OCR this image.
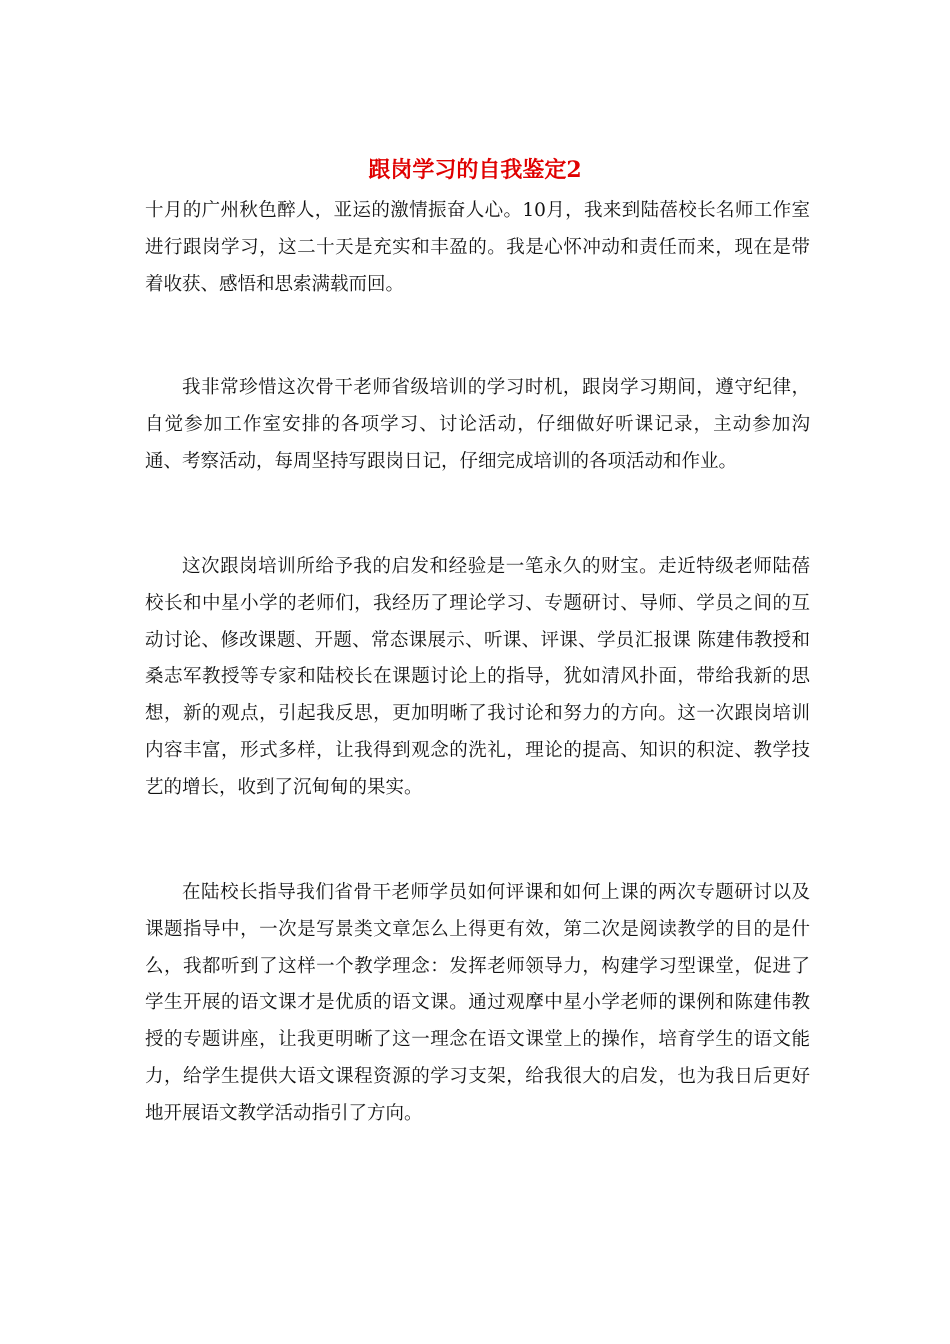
跟岗学习的自我鉴定2

十月的广州秋色醉人，亚运的激情振奋人心。10月，我来到陆蓓校长名师工作室进行跟岗学习，这二十天是充实和丰盈的。我是心怀冲动和责任而来，现在是带着收获、感悟和思索满载而回。

我非常珍惜这次骨干老师省级培训的学习时机，跟岗学习期间，遵守纪律，自觉参加工作室安排的各项学习、讨论活动，仔细做好听课记录，主动参加沟通、考察活动，每周坚持写跟岗日记，仔细完成培训的各项活动和作业。

这次跟岗培训所给予我的启发和经验是一笔永久的财宝。走近特级老师陆蓓校长和中星小学的老师们，我经历了理论学习、专题研讨、导师、学员之间的互动讨论、修改课题、开题、常态课展示、听课、评课、学员汇报课 陈建伟教授和桑志军教授等专家和陆校长在课题讨论上的指导，犹如清风扑面，带给我新的思想，新的观点，引起我反思，更加明晰了我讨论和努力的方向。这一次跟岗培训内容丰富，形式多样，让我得到观念的洗礼，理论的提高、知识的积淀、教学技艺的增长，收到了沉甸甸的果实。

在陆校长指导我们省骨干老师学员如何评课和如何上课的两次专题研讨以及课题指导中，一次是写景类文章怎么上得更有效，第二次是阅读教学的目的是什么，我都听到了这样一个教学理念：发挥老师领导力，构建学习型课堂，促进了学生开展的语文课才是优质的语文课。通过观摩中星小学老师的课例和陈建伟教授的专题讲座，让我更明晰了这一理念在语文课堂上的操作，培育学生的语文能力，给学生提供大语文课程资源的学习支架，给我很大的启发，也为我日后更好地开展语文教学活动指引了方向。
